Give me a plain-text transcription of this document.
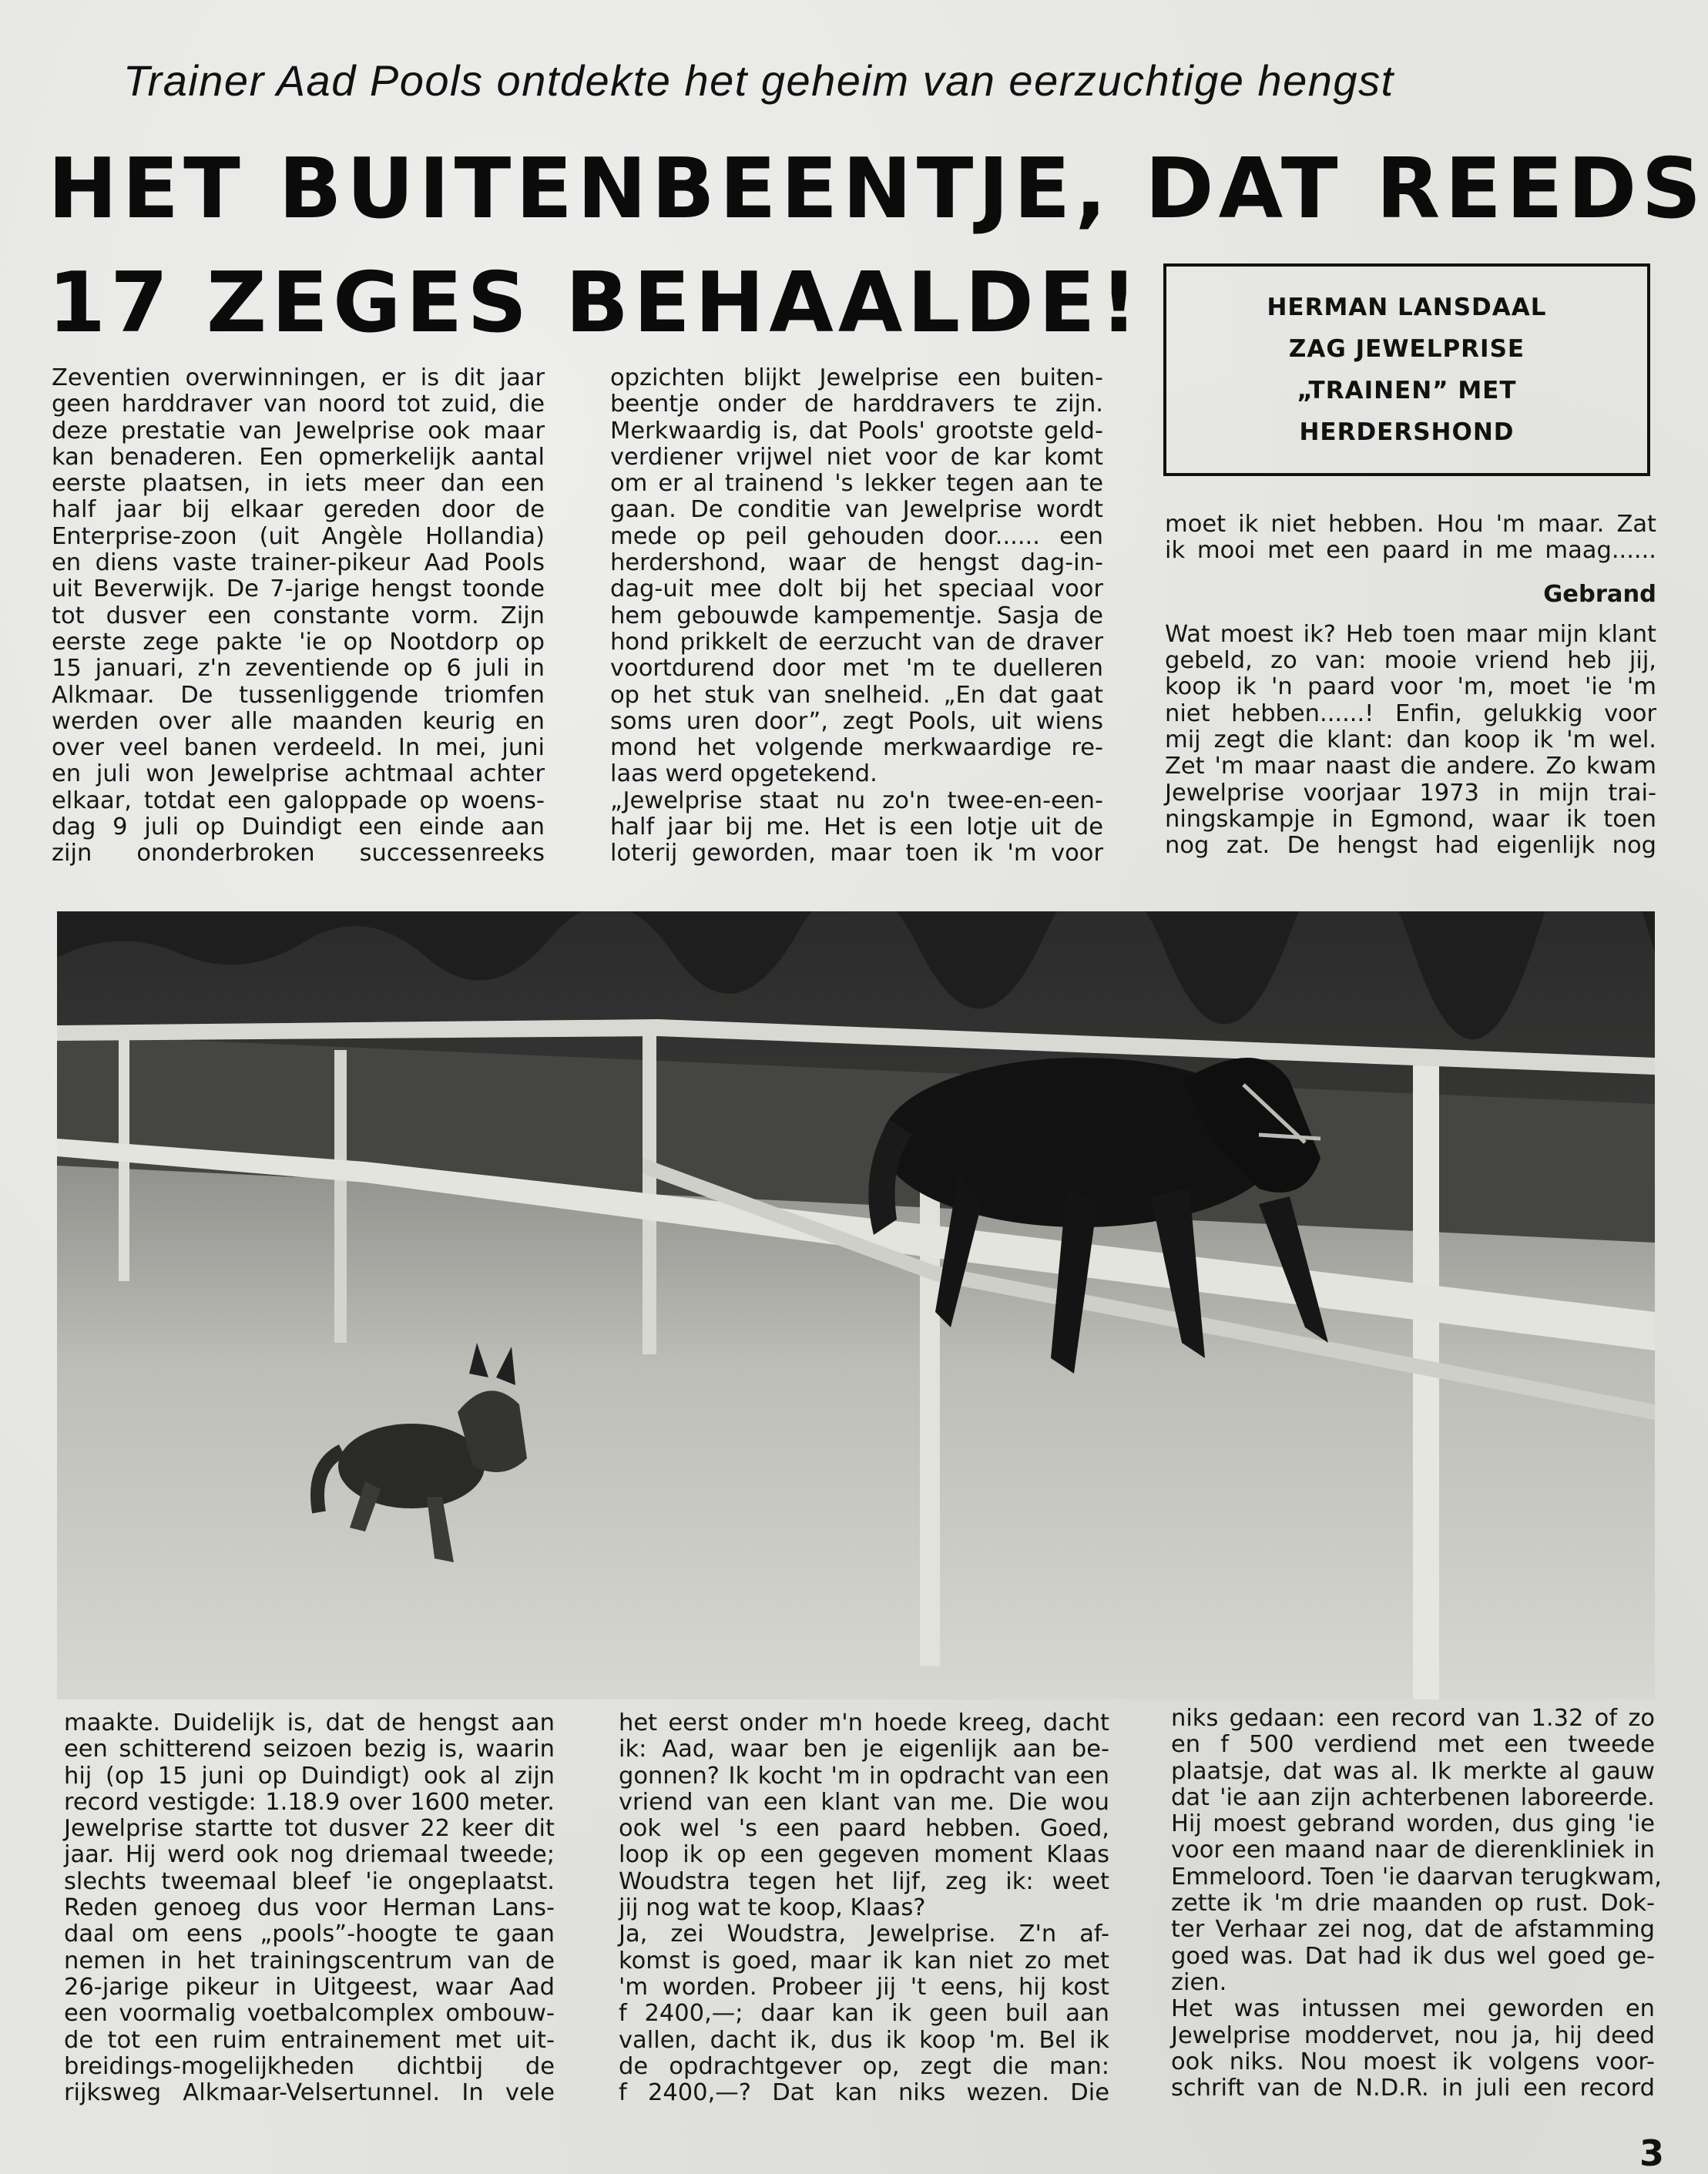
Trainer Aad Pools ontdekte het geheim van eerzuchtige hengst
HET BUITENBEENTJE, DAT REEDS
17 ZEGES BEHAALDE!	HERMAN LANSDAAL
ZAG JEWELPRISE
„TRAINEN” MET
HERDERSHOND
Zeventien overwinningen, er is dit jaar
geen harddraver van noord tot zuid, die
deze prestatie van Jewelprise ook maar
kan benaderen. Een opmerkelijk aantal
eerste plaatsen, in iets meer dan een
half jaar bij elkaar gereden door de
Enterprise-zoon (uit Angèle Hollandia)
en diens vaste trainer-pikeur Aad Pools
uit Beverwijk. De 7-jarige hengst toonde
tot dusver een constante vorm. Zijn
eerste zege pakte 'ie op Nootdorp op
15 januari, z'n zeventiende op 6 juli in
Alkmaar. De tussenliggende triomfen
werden over alle maanden keurig en
over veel banen verdeeld. In mei, juni
en juli won Jewelprise achtmaal achter
elkaar, totdat een galoppade op woens-
dag 9 juli op Duindigt een einde aan
zijn ononderbroken successenreeks
opzichten blijkt Jewelprise een buiten-
beentje onder de harddravers te zijn.
Merkwaardig is, dat Pools' grootste geld-
verdiener vrijwel niet voor de kar komt
om er al trainend 's lekker tegen aan te
gaan. De conditie van Jewelprise wordt
mede op peil gehouden door...... een
herdershond, waar de hengst dag-in-
dag-uit mee dolt bij het speciaal voor
hem gebouwde kampementje. Sasja de
hond prikkelt de eerzucht van de draver
voortdurend door met 'm te duelleren
op het stuk van snelheid. „En dat gaat
soms uren door”, zegt Pools, uit wiens
mond het volgende merkwaardige re-
laas werd opgetekend.
„Jewelprise staat nu zo'n twee-en-een-
half jaar bij me. Het is een lotje uit de
loterij geworden, maar toen ik 'm voor
moet ik niet hebben. Hou 'm maar. Zat
ik mooi met een paard in me maag......
Gebrand
Wat moest ik? Heb toen maar mijn klant
gebeld, zo van: mooie vriend heb jij,
koop ik 'n paard voor 'm, moet 'ie 'm
niet hebben......! Enfin, gelukkig voor
mij zegt die klant: dan koop ik 'm wel.
Zet 'm maar naast die andere. Zo kwam
Jewelprise voorjaar 1973 in mijn trai-
ningskampje in Egmond, waar ik toen
nog zat. De hengst had eigenlijk nog
maakte. Duidelijk is, dat de hengst aan
een schitterend seizoen bezig is, waarin
hij (op 15 juni op Duindigt) ook al zijn
record vestigde: 1.18.9 over 1600 meter.
Jewelprise startte tot dusver 22 keer dit
jaar. Hij werd ook nog driemaal tweede;
slechts tweemaal bleef 'ie ongeplaatst.
Reden genoeg dus voor Herman Lans-
daal om eens „pools”-hoogte te gaan
nemen in het trainingscentrum van de
26-jarige pikeur in Uitgeest, waar Aad
een voormalig voetbalcomplex ombouw-
de tot een ruim entrainement met uit-
breidings-mogelijkheden dichtbij de
rijksweg Alkmaar-Velsertunnel. In vele
het eerst onder m'n hoede kreeg, dacht
ik: Aad, waar ben je eigenlijk aan be-
gonnen? Ik kocht 'm in opdracht van een
vriend van een klant van me. Die wou
ook wel 's een paard hebben. Goed,
loop ik op een gegeven moment Klaas
Woudstra tegen het lijf, zeg ik: weet
jij nog wat te koop, Klaas?
Ja, zei Woudstra, Jewelprise. Z'n af-
komst is goed, maar ik kan niet zo met
'm worden. Probeer jij 't eens, hij kost
f 2400,—; daar kan ik geen buil aan
vallen, dacht ik, dus ik koop 'm. Bel ik
de opdrachtgever op, zegt die man:
f 2400,—? Dat kan niks wezen. Die
niks gedaan: een record van 1.32 of zo
en f 500 verdiend met een tweede
plaatsje, dat was al. Ik merkte al gauw
dat 'ie aan zijn achterbenen laboreerde.
Hij moest gebrand worden, dus ging 'ie
voor een maand naar de dierenkliniek in
Emmeloord. Toen 'ie daarvan terugkwam,
zette ik 'm drie maanden op rust. Dok-
ter Verhaar zei nog, dat de afstamming
goed was. Dat had ik dus wel goed ge-
zien.
Het was intussen mei geworden en
Jewelprise moddervet, nou ja, hij deed
ook niks. Nou moest ik volgens voor-
schrift van de N.D.R. in juli een record
3
